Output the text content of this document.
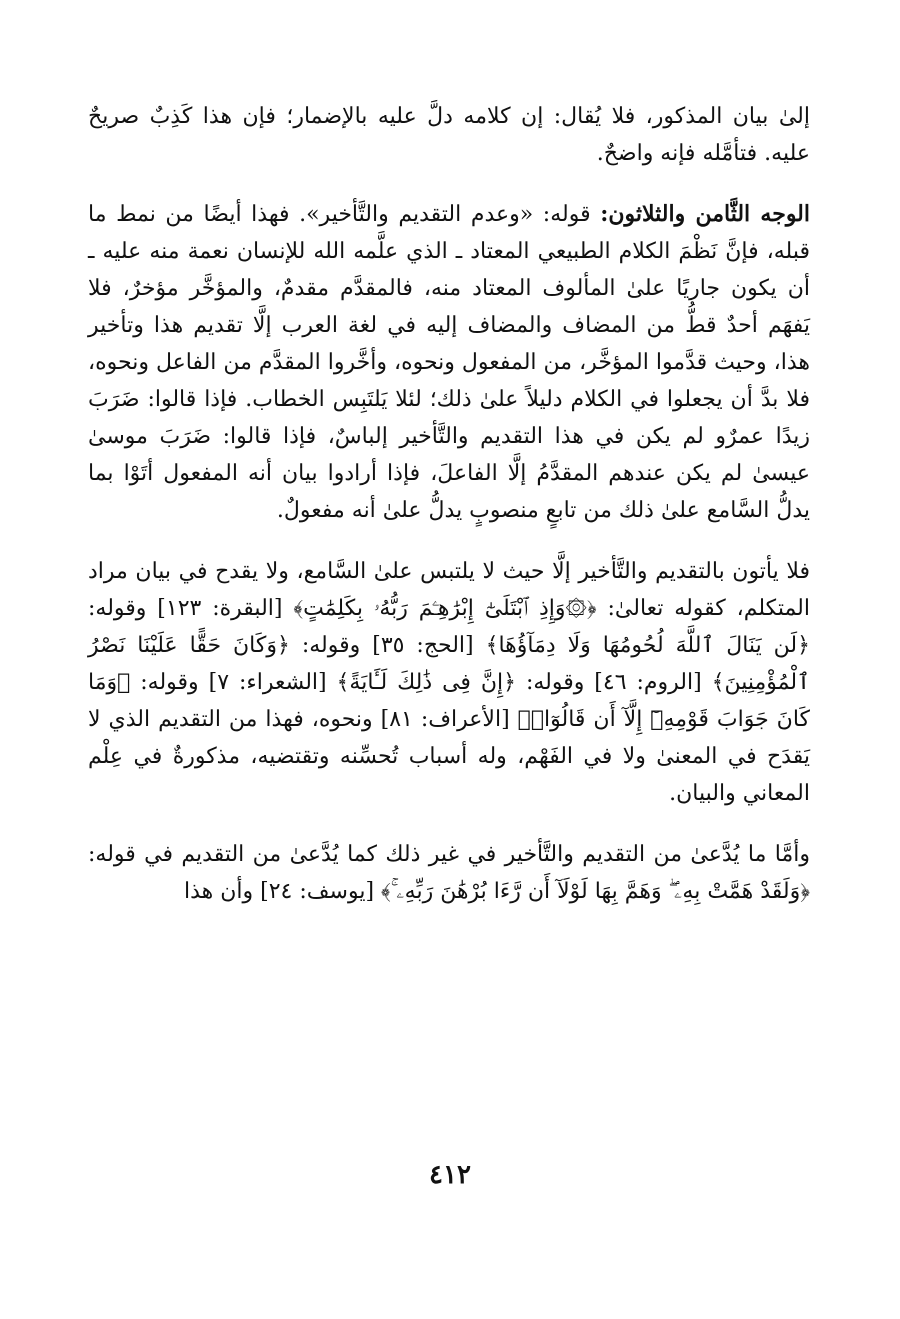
إلىٰ بيان المذكور، فلا يُقال: إن كلامه دلَّ عليه بالإضمار؛ فإن هذا كَذِبٌ صريحٌ عليه. فتأمَّله فإنه واضحٌ.

الوجه الثَّامن والثلاثون: قوله: «وعدم التقديم والتَّأخير». فهذا أيضًا من نمط ما قبله، فإنَّ نَظْمَ الكلام الطبيعي المعتاد ـ الذي علَّمه الله للإنسان نعمة منه عليه ـ أن يكون جاريًا علىٰ المألوف المعتاد منه، فالمقدَّم مقدمٌ، والمؤخَّر مؤخرٌ، فلا يَفهَم أحدٌ قطُّ من المضاف والمضاف إليه في لغة العرب إلَّا تقديم هذا وتأخير هذا، وحيث قدَّموا المؤخَّر، من المفعول ونحوه، وأخَّروا المقدَّم من الفاعل ونحوه، فلا بدَّ أن يجعلوا في الكلام دليلاً علىٰ ذلك؛ لئلا يَلتَبِس الخطاب. فإذا قالوا: ضَرَبَ زيدًا عمرٌو لم يكن في هذا التقديم والتَّأخير إلباسٌ، فإذا قالوا: ضَرَبَ موسىٰ عيسىٰ لم يكن عندهم المقدَّمُ إلَّا الفاعلَ، فإذا أرادوا بيان أنه المفعول أتَوْا بما يدلُّ السَّامع علىٰ ذلك من تابعٍ منصوبٍ يدلُّ علىٰ أنه مفعولٌ.

فلا يأتون بالتقديم والتَّأخير إلَّا حيث لا يلتبس علىٰ السَّامع، ولا يقدح في بيان مراد المتكلم، كقوله تعالىٰ: ﴿۞وَإِذِ ٱبْتَلَىٰٓ إِبْرَٰهِـۧمَ رَبُّهُۥ بِكَلِمَٰتٍ﴾ [البقرة: ١٢٣] وقوله: ﴿لَن يَنَالَ ٱللَّهَ لُحُومُهَا وَلَا دِمَآؤُهَا﴾ [الحج: ٣٥] وقوله: ﴿وَكَانَ حَقًّا عَلَيْنَا نَصْرُ ٱلْمُؤْمِنِينَ﴾ [الروم: ٤٦] وقوله: ﴿إِنَّ فِى ذَٰلِكَ لَـَٔايَةً﴾ [الشعراء: ٧] وقوله: ﴿وَمَا كَانَ جَوَابَ قَوْمِهِۦٓ إِلَّآ أَن قَالُوٓا۟﴾ [الأعراف: ٨١] ونحوه، فهذا من التقديم الذي لا يَقدَح في المعنىٰ ولا في الفَهْم، وله أسباب تُحسِّنه وتقتضيه، مذكورةٌ في عِلْم المعاني والبيان.

وأمَّا ما يُدَّعىٰ من التقديم والتَّأخير في غير ذلك كما يُدَّعىٰ من التقديم في قوله: ﴿وَلَقَدْ هَمَّتْ بِهِۦ ۖ وَهَمَّ بِهَا لَوْلَآ أَن رَّءَا بُرْهَٰنَ رَبِّهِۦ ۚ﴾ [يوسف: ٢٤] وأن هذا

٤١٢
